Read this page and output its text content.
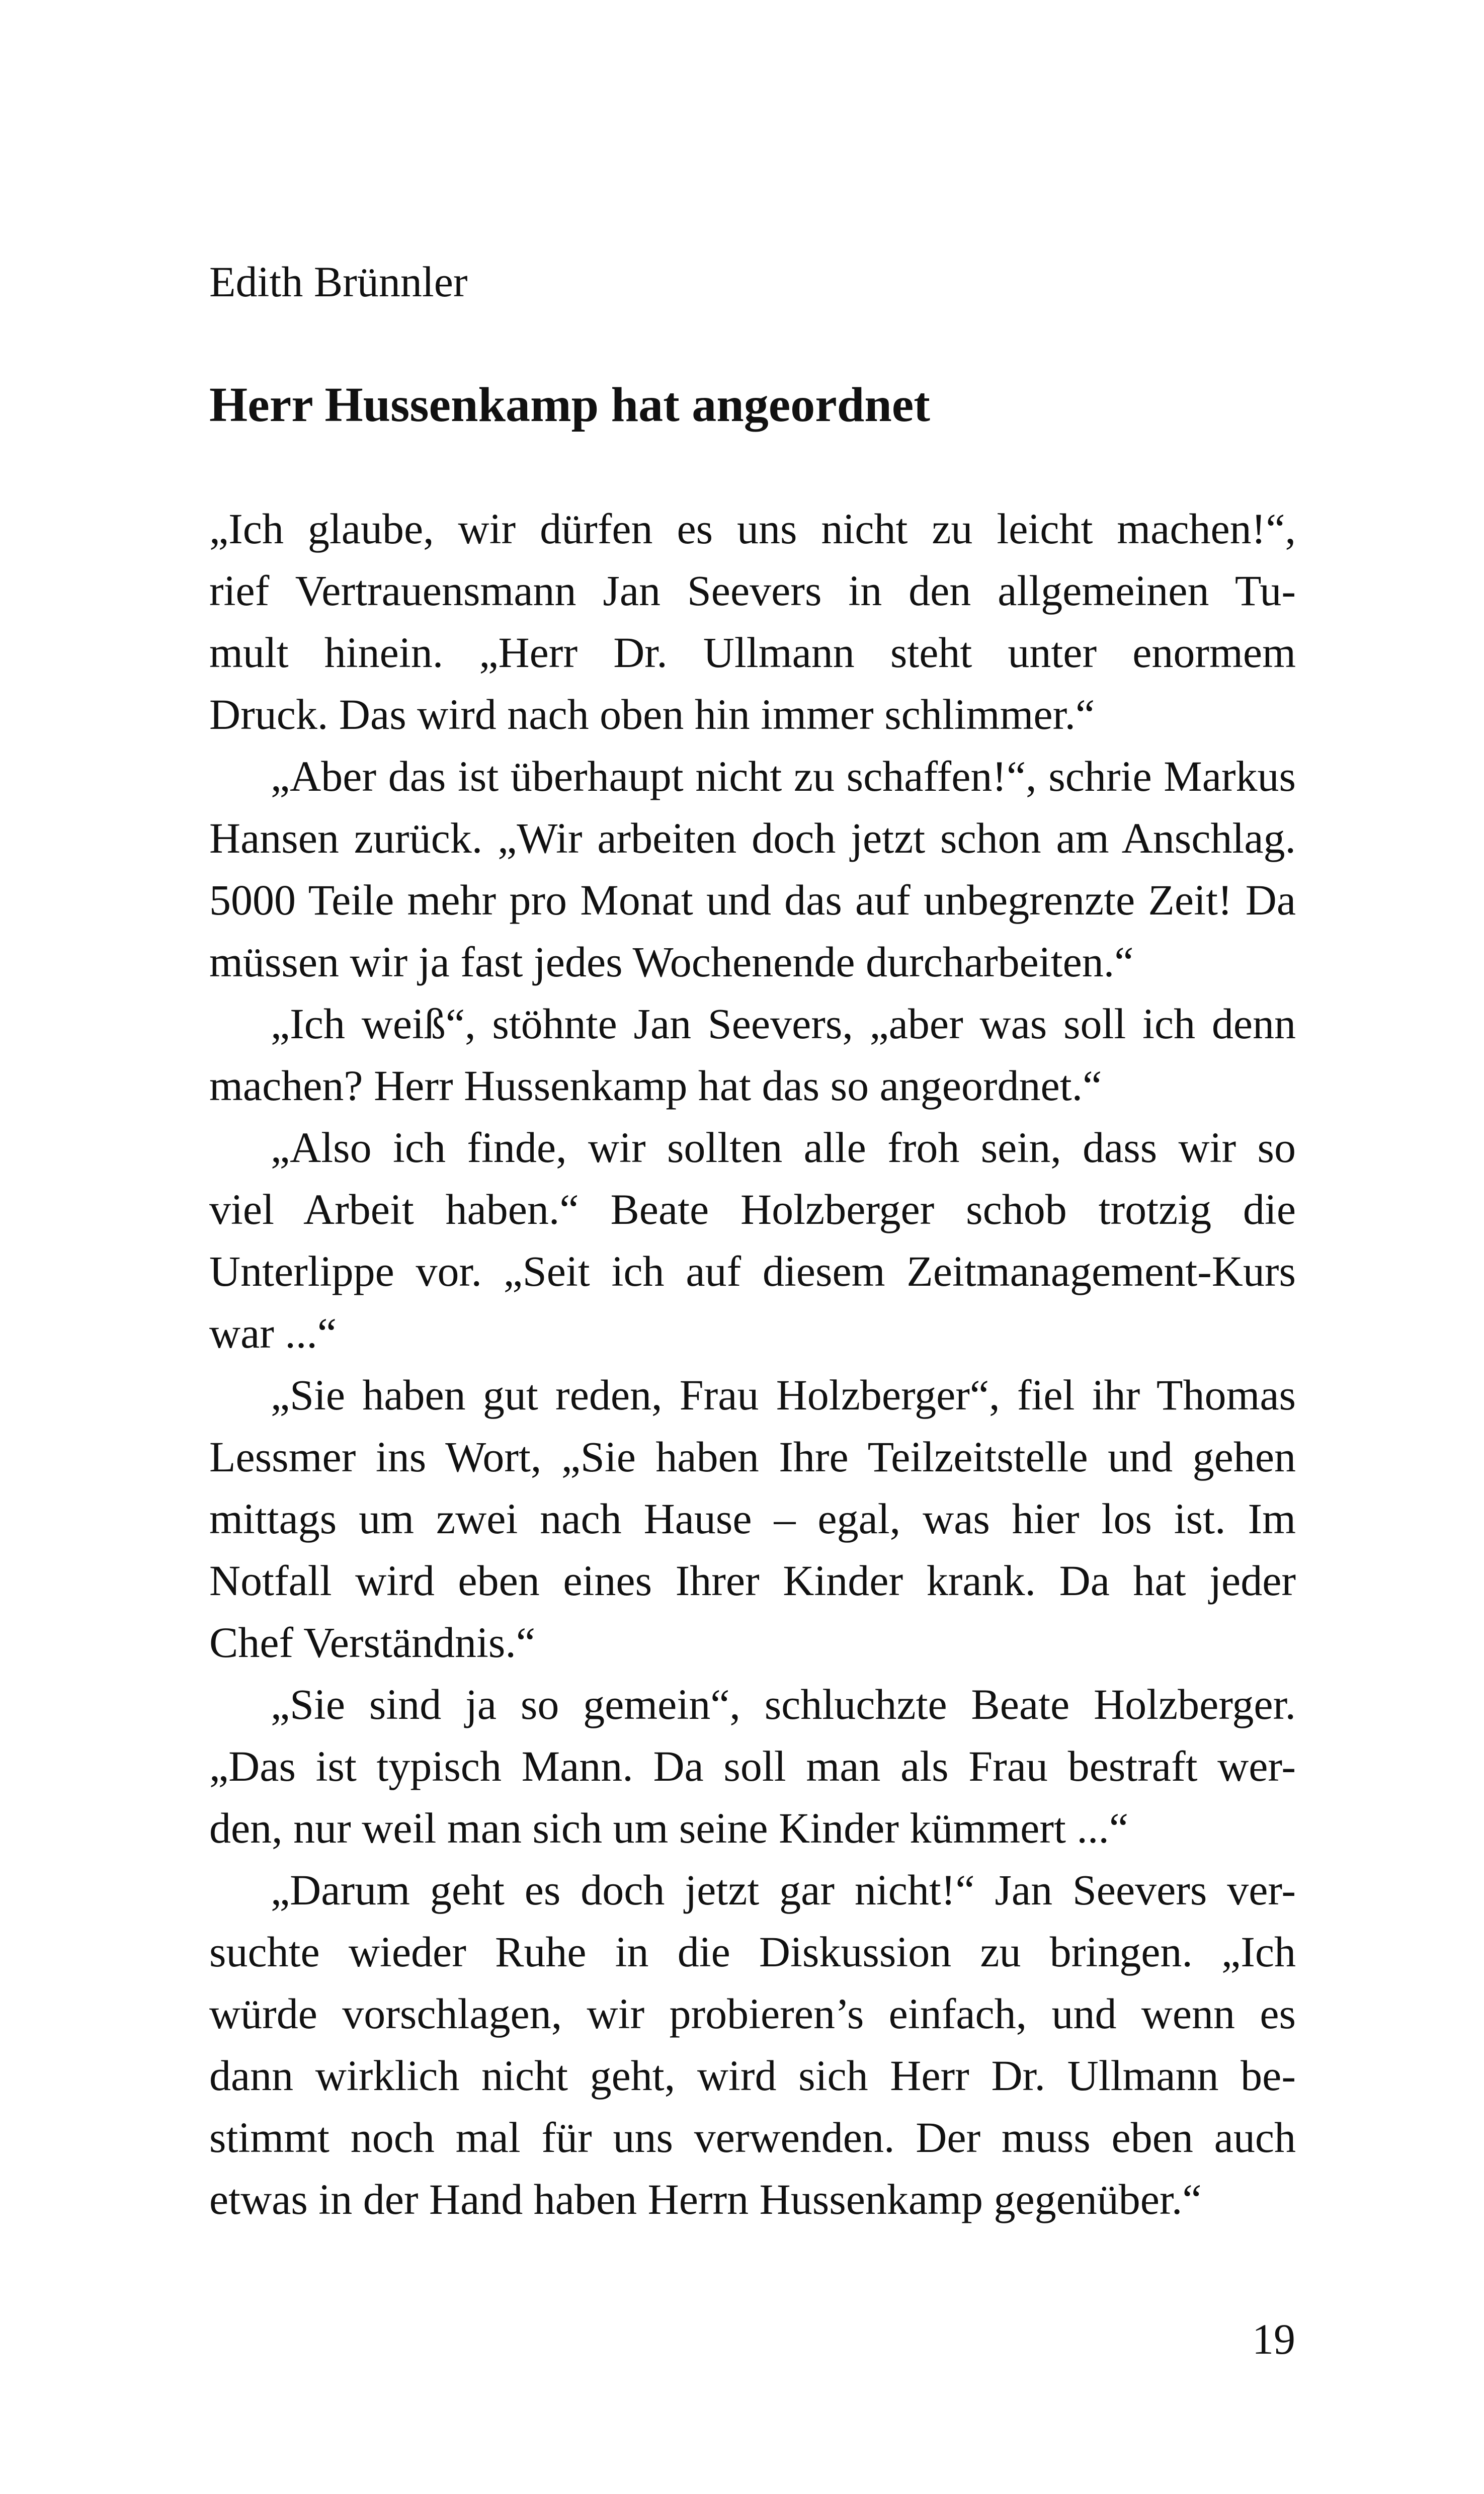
Edith Brünnler
Herr Hussenkamp hat angeordnet
„Ich glaube, wir dürfen es uns nicht zu leicht machen!“,
rief Vertrauensmann Jan Seevers in den allgemeinen Tu-
mult hinein. „Herr Dr. Ullmann steht unter enormem
Druck. Das wird nach oben hin immer schlimmer.“
„Aber das ist überhaupt nicht zu schaffen!“, schrie Markus
Hansen zurück. „Wir arbeiten doch jetzt schon am Anschlag.
5000 Teile mehr pro Monat und das auf unbegrenzte Zeit! Da
müssen wir ja fast jedes Wochenende durcharbeiten.“
„Ich weiß“, stöhnte Jan Seevers, „aber was soll ich denn
machen? Herr Hussenkamp hat das so angeordnet.“
„Also ich finde, wir sollten alle froh sein, dass wir so
viel Arbeit haben.“ Beate Holzberger schob trotzig die
Unterlippe vor. „Seit ich auf diesem Zeitmanagement-Kurs
war ...“
„Sie haben gut reden, Frau Holzberger“, fiel ihr Thomas
Lessmer ins Wort, „Sie haben Ihre Teilzeitstelle und gehen
mittags um zwei nach Hause – egal, was hier los ist. Im
Notfall wird eben eines Ihrer Kinder krank. Da hat jeder
Chef Verständnis.“
„Sie sind ja so gemein“, schluchzte Beate Holzberger.
„Das ist typisch Mann. Da soll man als Frau bestraft wer-
den, nur weil man sich um seine Kinder kümmert ...“
„Darum geht es doch jetzt gar nicht!“ Jan Seevers ver-
suchte wieder Ruhe in die Diskussion zu bringen. „Ich
würde vorschlagen, wir probieren’s einfach, und wenn es
dann wirklich nicht geht, wird sich Herr Dr. Ullmann be-
stimmt noch mal für uns verwenden. Der muss eben auch
etwas in der Hand haben Herrn Hussenkamp gegenüber.“
19
